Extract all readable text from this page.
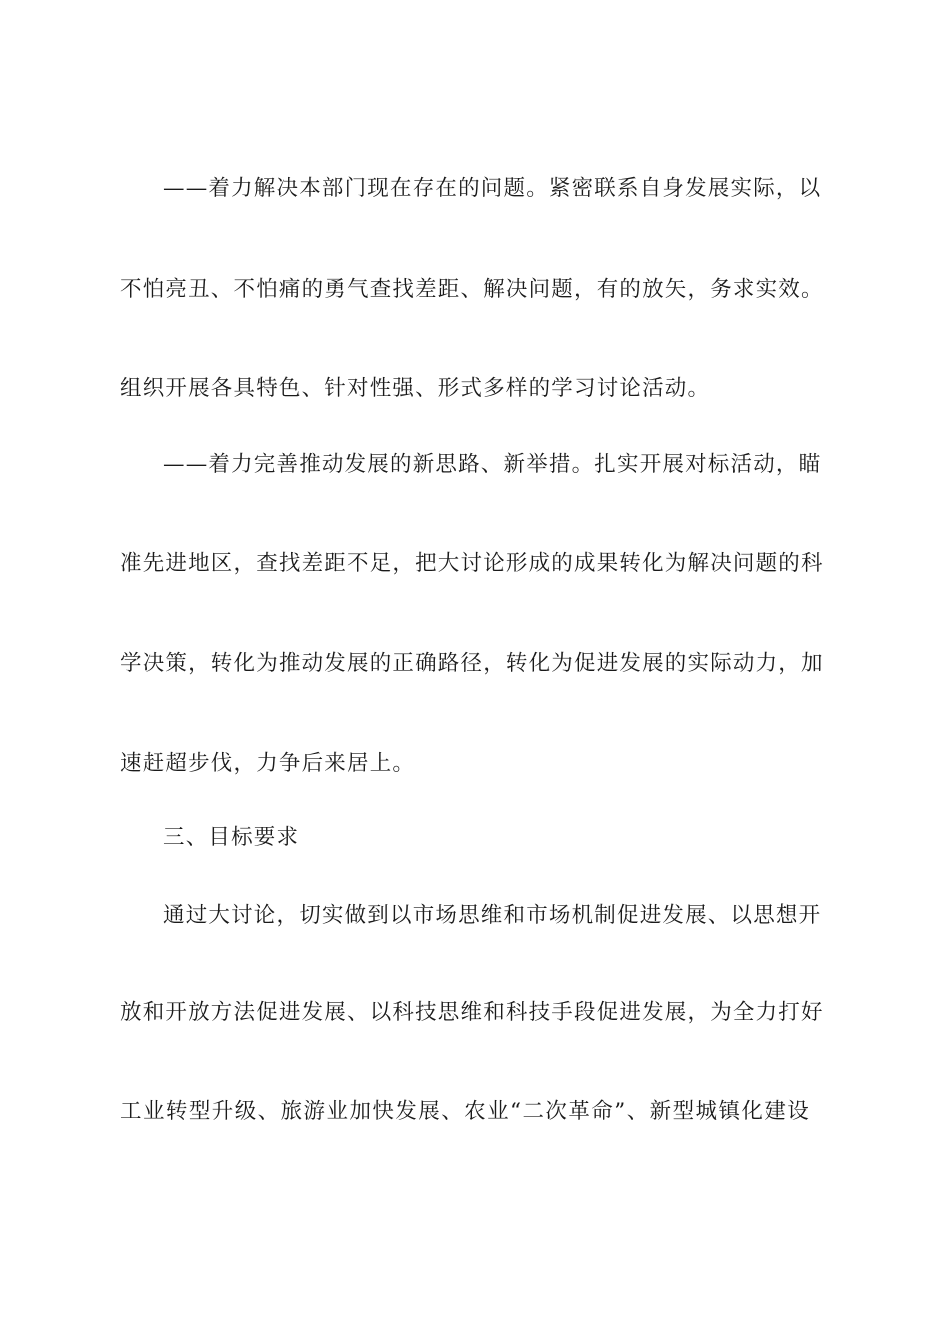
——着力解决本部门现在存在的问题。紧密联系自身发展实际，以
不怕亮丑、不怕痛的勇气查找差距、解决问题，有的放矢，务求实效。
组织开展各具特色、针对性强、形式多样的学习讨论活动。
——着力完善推动发展的新思路、新举措。扎实开展对标活动，瞄
准先进地区，查找差距不足，把大讨论形成的成果转化为解决问题的科
学决策，转化为推动发展的正确路径，转化为促进发展的实际动力，加
速赶超步伐，力争后来居上。
三、目标要求
通过大讨论，切实做到以市场思维和市场机制促进发展、以思想开
放和开放方法促进发展、以科技思维和科技手段促进发展，为全力打好
工业转型升级、旅游业加快发展、农业“二次革命”、新型城镇化建设
